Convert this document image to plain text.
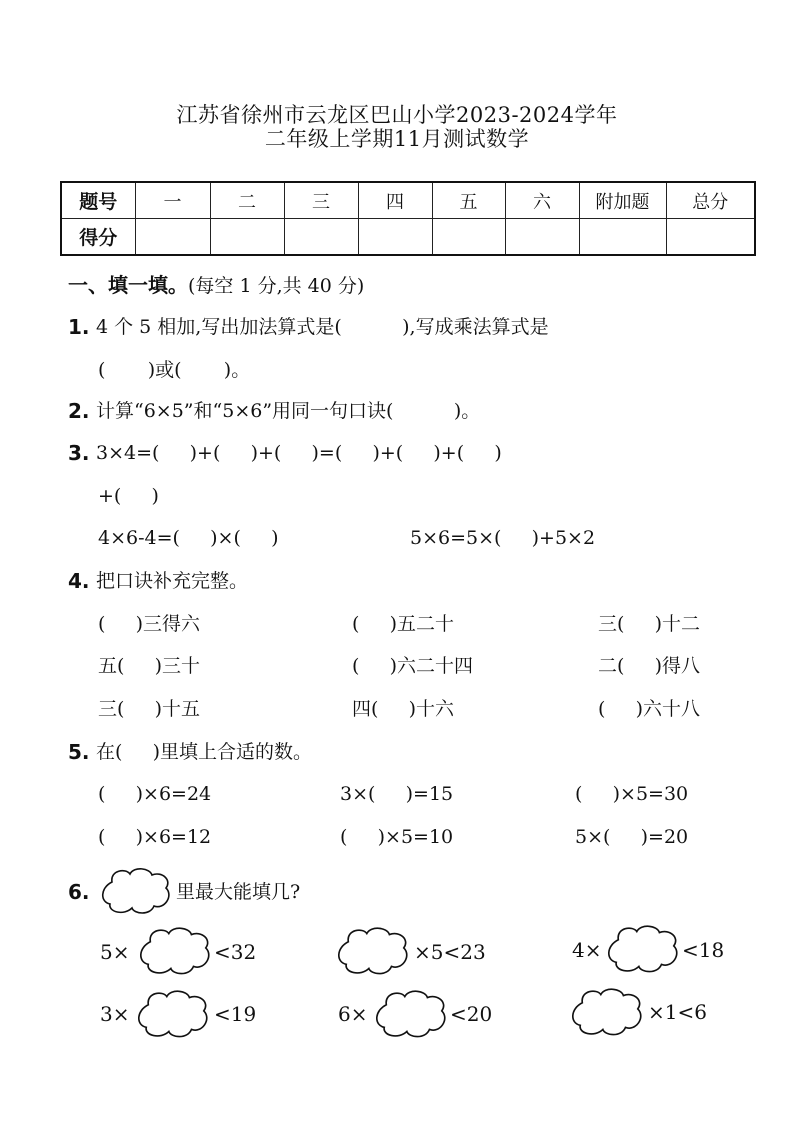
江苏省徐州市云龙区巴山小学2023-2024学年
二年级上学期11月测试数学
题号	一	二	三	四	五	六	附加题	总分
得分								
一、填一填。(每空 1 分,共 40 分)
1. 4 个 5 相加,写出加法算式是(          ),写成乘法算式是
(       )或(       )。
2. 计算“6×5”和“5×6”用同一句口诀(          )。
3. 3×4=(     )+(     )+(     )=(     )+(     )+(     )
+(     )
4×6-4=(     )×(     )	5×6=5×(     )+5×2
4. 把口诀补充完整。
(     )三得六	(     )五二十	三(     )十二
五(     )三十	(     )六二十四	二(     )得八
三(     )十五	四(     )十六	(     )六十八
5. 在(     )里填上合适的数。
(     )×6=24	3×(     )=15	(     )×5=30
(     )×6=12	(     )×5=10	5×(     )=20
6.	里最大能填几?
5×	<32	×5<23	4×	<18
3×	<19	6×	<20	×1<6
